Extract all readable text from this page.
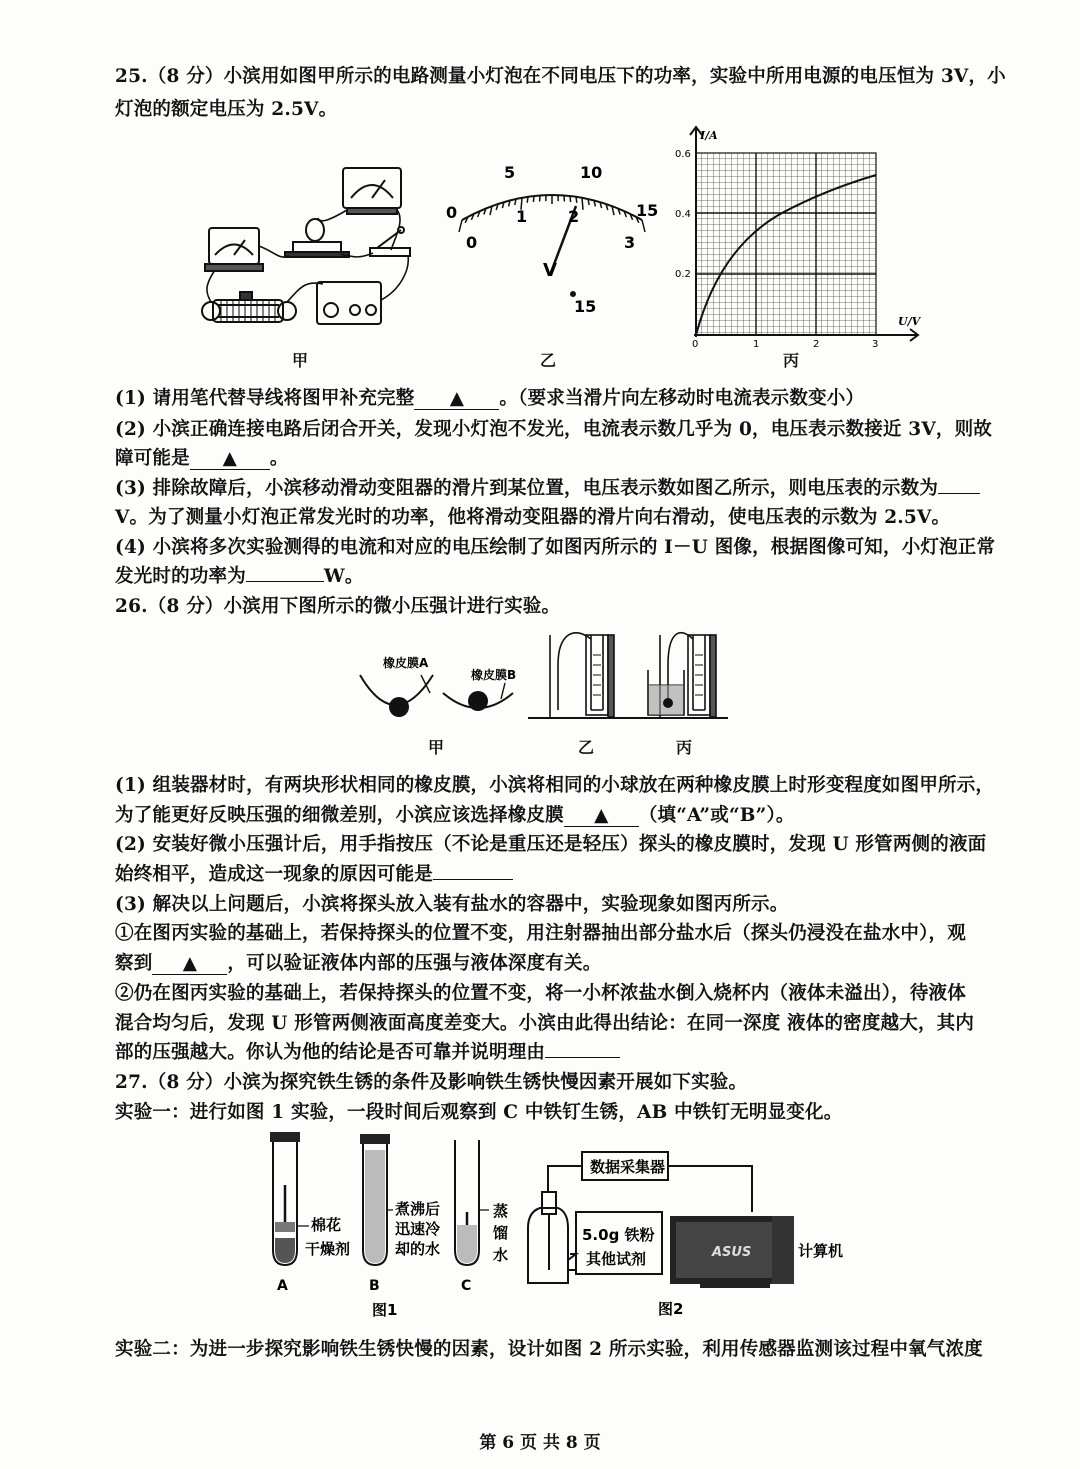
25.（8 分）小滨用如图甲所示的电路测量小灯泡在不同电压下的功率，实验中所用电源的电压恒为 3V，小
灯泡的额定电压为 2.5V。
甲
0
5	10
15
0
1	2
3
V
15
乙
I/A
U/V
0.6
0.4
0.2
0	1	2	3
丙
(1) 请用笔代替导线将图甲补充完整 ▲ 。（要求当滑片向左移动时电流表示数变小）
(2) 小滨正确连接电路后闭合开关，发现小灯泡不发光，电流表示数几乎为 0，电压表示数接近 3V，则故
障可能是 ▲ 。
(3) 排除故障后，小滨移动滑动变阻器的滑片到某位置，电压表示数如图乙所示，则电压表的示数为
V。为了测量小灯泡正常发光时的功率，他将滑动变阻器的滑片向右滑动，使电压表的示数为 2.5V。
(4) 小滨将多次实验测得的电流和对应的电压绘制了如图丙所示的 I－U 图像，根据图像可知，小灯泡正常
发光时的功率为	W。
26.（8 分）小滨用下图所示的微小压强计进行实验。
橡皮膜A
橡皮膜B
甲	乙	丙
(1) 组装器材时，有两块形状相同的橡皮膜，小滨将相同的小球放在两种橡皮膜上时形变程度如图甲所示，
为了能更好反映压强的细微差别，小滨应该选择橡皮膜 ▲ （填“A”或“B”）。
(2) 安装好微小压强计后，用手指按压（不论是重压还是轻压）探头的橡皮膜时，发现 U 形管两侧的液面
始终相平，造成这一现象的原因可能是
(3) 解决以上问题后，小滨将探头放入装有盐水的容器中，实验现象如图丙所示。
①在图丙实验的基础上，若保持探头的位置不变，用注射器抽出部分盐水后（探头仍浸没在盐水中），观
察到 ▲ ，可以验证液体内部的压强与液体深度有关。
②仍在图丙实验的基础上，若保持探头的位置不变，将一小杯浓盐水倒入烧杯内（液体未溢出），待液体
混合均匀后，发现 U 形管两侧液面高度差变大。小滨由此得出结论：在同一深度 液体的密度越大，其内
部的压强越大。你认为他的结论是否可靠并说明理由
27.（8 分）小滨为探究铁生锈的条件及影响铁生锈快慢因素开展如下实验。
实验一：进行如图 1 实验，一段时间后观察到 C 中铁钉生锈，AB 中铁钉无明显变化。
棉花
干燥剂
煮沸后
迅速冷
却的水
蒸
馏
水
A	B	C
图1
数据采集器
5.0g 铁粉
其他试剂	ASUS	计算机
图2
实验二：为进一步探究影响铁生锈快慢的因素，设计如图 2 所示实验，利用传感器监测该过程中氧气浓度
第 6 页 共 8 页
